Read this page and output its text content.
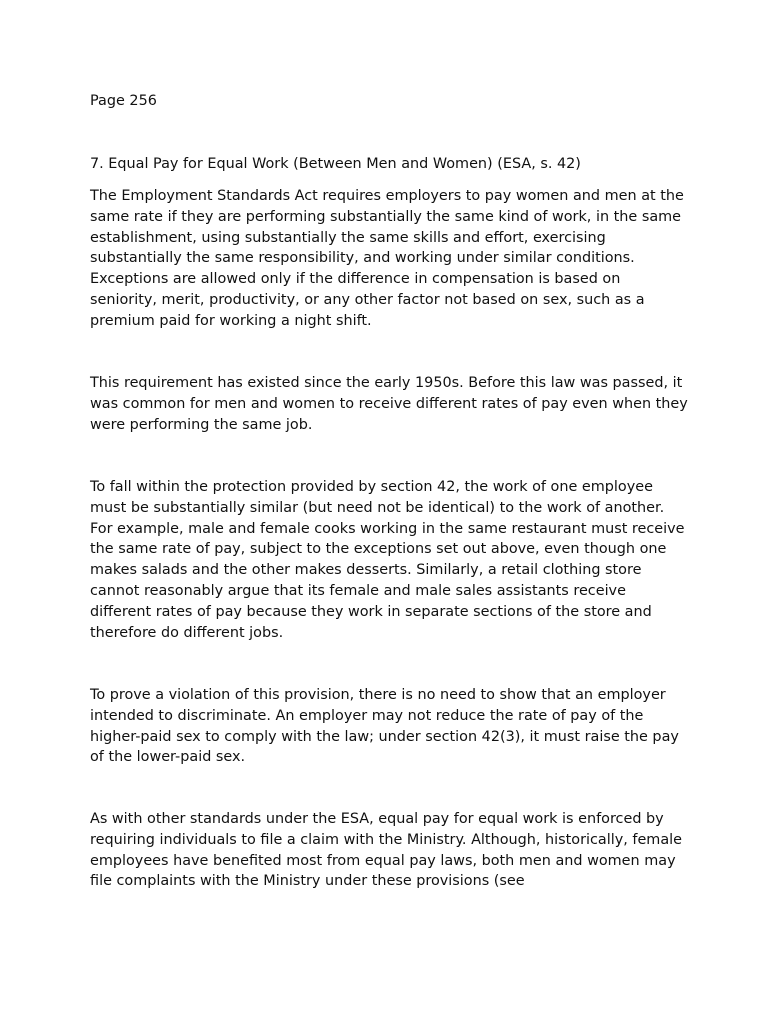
Page 256

7. Equal Pay for Equal Work (Between Men and Women) (ESA, s. 42)

The Employment Standards Act requires employers to pay women and men at the same rate if they are performing substantially the same kind of work, in the same establishment, using substantially the same skills and effort, exercising substantially the same responsibility, and working under similar conditions. Exceptions are allowed only if the difference in compensation is based on seniority, merit, productivity, or any other factor not based on sex, such as a premium paid for working a night shift.

This requirement has existed since the early 1950s. Before this law was passed, it was common for men and women to receive different rates of pay even when they were performing the same job.

To fall within the protection provided by section 42, the work of one employee must be substantially similar (but need not be identical) to the work of another. For example, male and female cooks working in the same restaurant must receive the same rate of pay, subject to the exceptions set out above, even though one makes salads and the other makes desserts. Similarly, a retail clothing store cannot reasonably argue that its female and male sales assistants receive different rates of pay because they work in separate sections of the store and therefore do different jobs.

To prove a violation of this provision, there is no need to show that an employer intended to discriminate. An employer may not reduce the rate of pay of the higher-paid sex to comply with the law; under section 42(3), it must raise the pay of the lower-paid sex.

As with other standards under the ESA, equal pay for equal work is enforced by requiring individuals to file a claim with the Ministry. Although, historically, female employees have benefited most from equal pay laws, both men and women may file complaints with the Ministry under these provisions (see
